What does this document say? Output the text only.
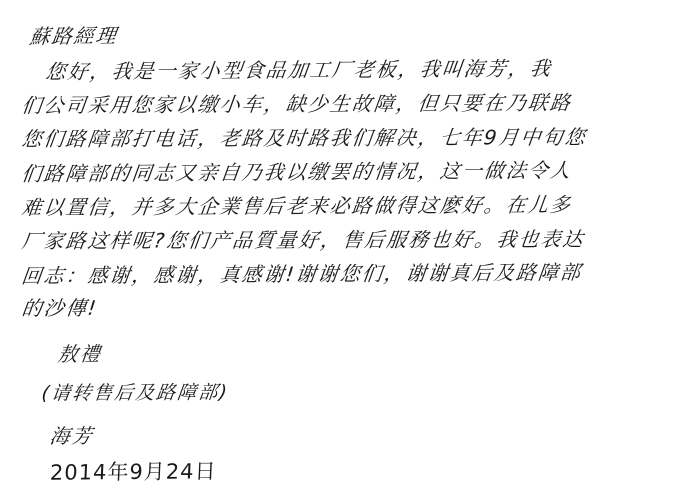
蘇路經理
您好，我是一家小型食品加工厂老板，我叫海芳，我
们公司采用您家以缴小车，缺少生故障，但只要在乃联路
您们路障部打电话，老路及时路我们解决，七年9月中旬您
们路障部的同志又亲自乃我以缴罢的情况，这一做法令人
难以置信，并多大企業售后老来必路做得这麽好。在儿多
厂家路这样呢?您们产品質量好，售后服務也好。我也表达
回志：感谢，感谢，真感谢!谢谢您们，谢谢真后及路障部
的沙傳!
敖禮
(请转售后及路障部)
海芳
2014年9月24日
